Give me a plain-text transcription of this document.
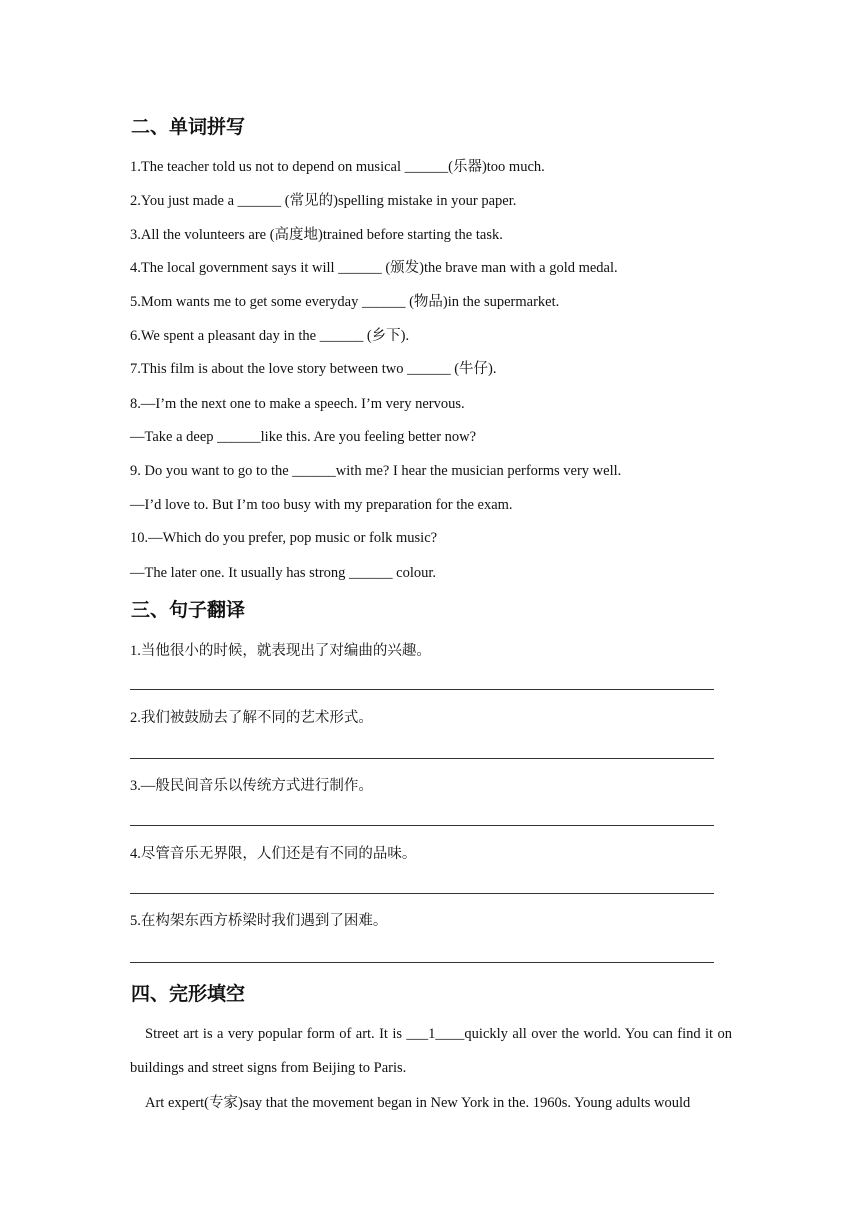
二、单词拼写
1.The teacher told us not to depend on musical ______(乐器)too much.
2.You just made a ______ (常见的)spelling mistake in your paper.
3.All the volunteers are (高度地)trained before starting the task.
4.The local government says it will ______ (颁发)the brave man with a gold medal.
5.Mom wants me to get some everyday ______ (物品)in the supermarket.
6.We spent a pleasant day in the ______ (乡下).
7.This film is about the love story between two ______ (牛仔).
8.—I’m the next one to make a speech. I’m very nervous.
—Take a deep ______like this. Are you feeling better now?
9. Do you want to go to the ______with me? I hear the musician performs very well.
—I’d love to. But I’m too busy with my preparation for the exam.
10.—Which do you prefer, pop music or folk music?
—The later one. It usually has strong ______ colour.
三、句子翻译
1.当他很小的时候，就表现出了对编曲的兴趣。
2.我们被鼓励去了解不同的艺术形式。
3.—般民间音乐以传统方式进行制作。
4.尽管音乐无界限，人们还是有不同的品味。
5.在构架东西方桥梁时我们遇到了困难。
四、完形填空

Street art is a very popular form of art. It is ___1____quickly all over the world. You can find it on buildings and street signs from Beijing to Paris.

Art expert(专家)say that the movement began in New York in the. 1960s. Young adults would
